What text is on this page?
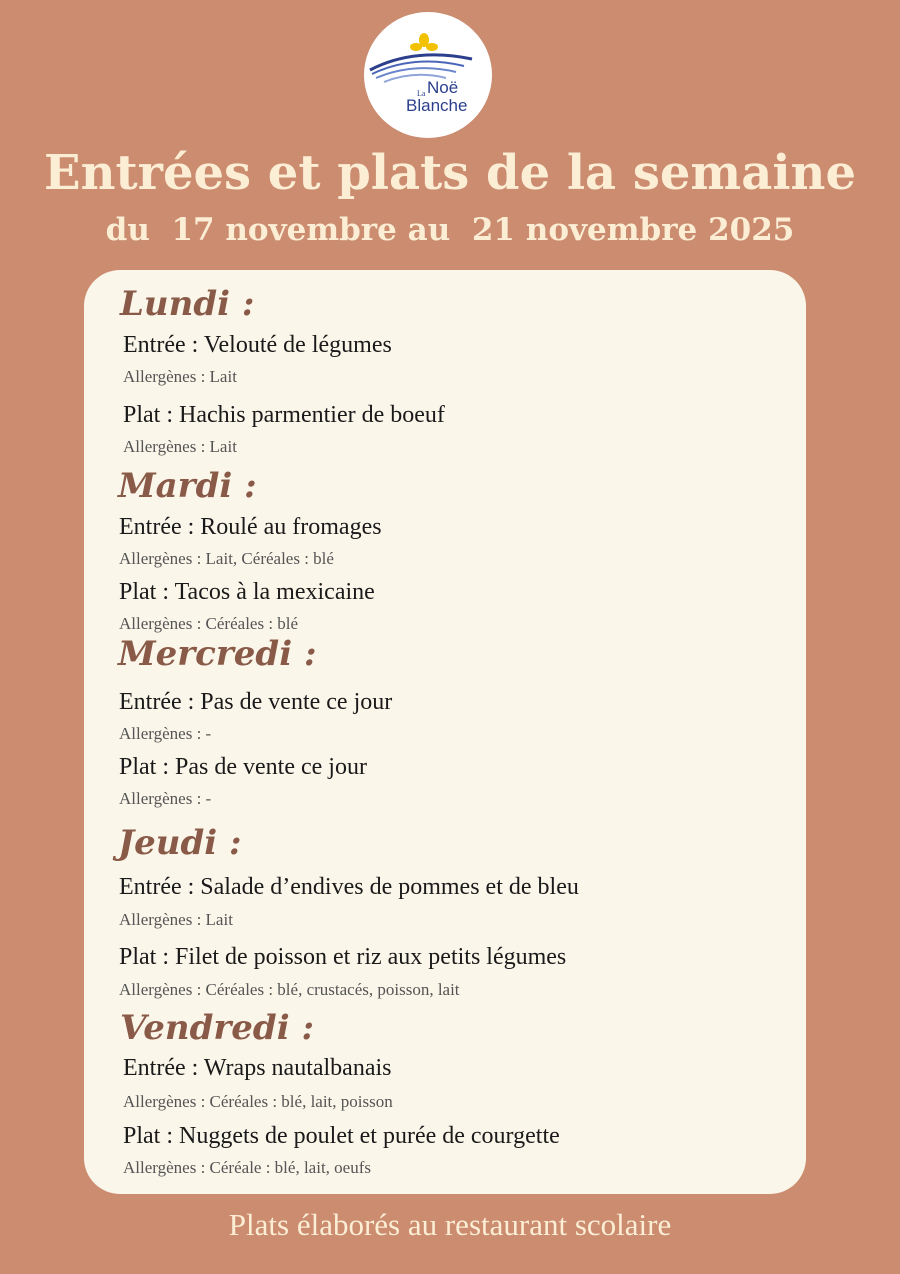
La Noë
Blanche
Entrées et plats de la semaine
du  17 novembre au  21 novembre 2025
Lundi :
Entrée : Velouté de légumes
Allergènes : Lait
Plat : Hachis parmentier de boeuf
Allergènes : Lait
Mardi :
Entrée : Roulé au fromages
Allergènes : Lait, Céréales : blé
Plat : Tacos à la mexicaine
Allergènes : Céréales : blé
Mercredi :
Entrée : Pas de vente ce jour
Allergènes : -
Plat : Pas de vente ce jour
Allergènes : -
Jeudi :
Entrée : Salade d’endives de pommes et de bleu
Allergènes : Lait
Plat : Filet de poisson et riz aux petits légumes
Allergènes : Céréales : blé, crustacés, poisson, lait
Vendredi :
Entrée : Wraps nautalbanais
Allergènes : Céréales : blé, lait, poisson
Plat : Nuggets de poulet et purée de courgette
Allergènes : Céréale : blé, lait, oeufs
Plats élaborés au restaurant scolaire
